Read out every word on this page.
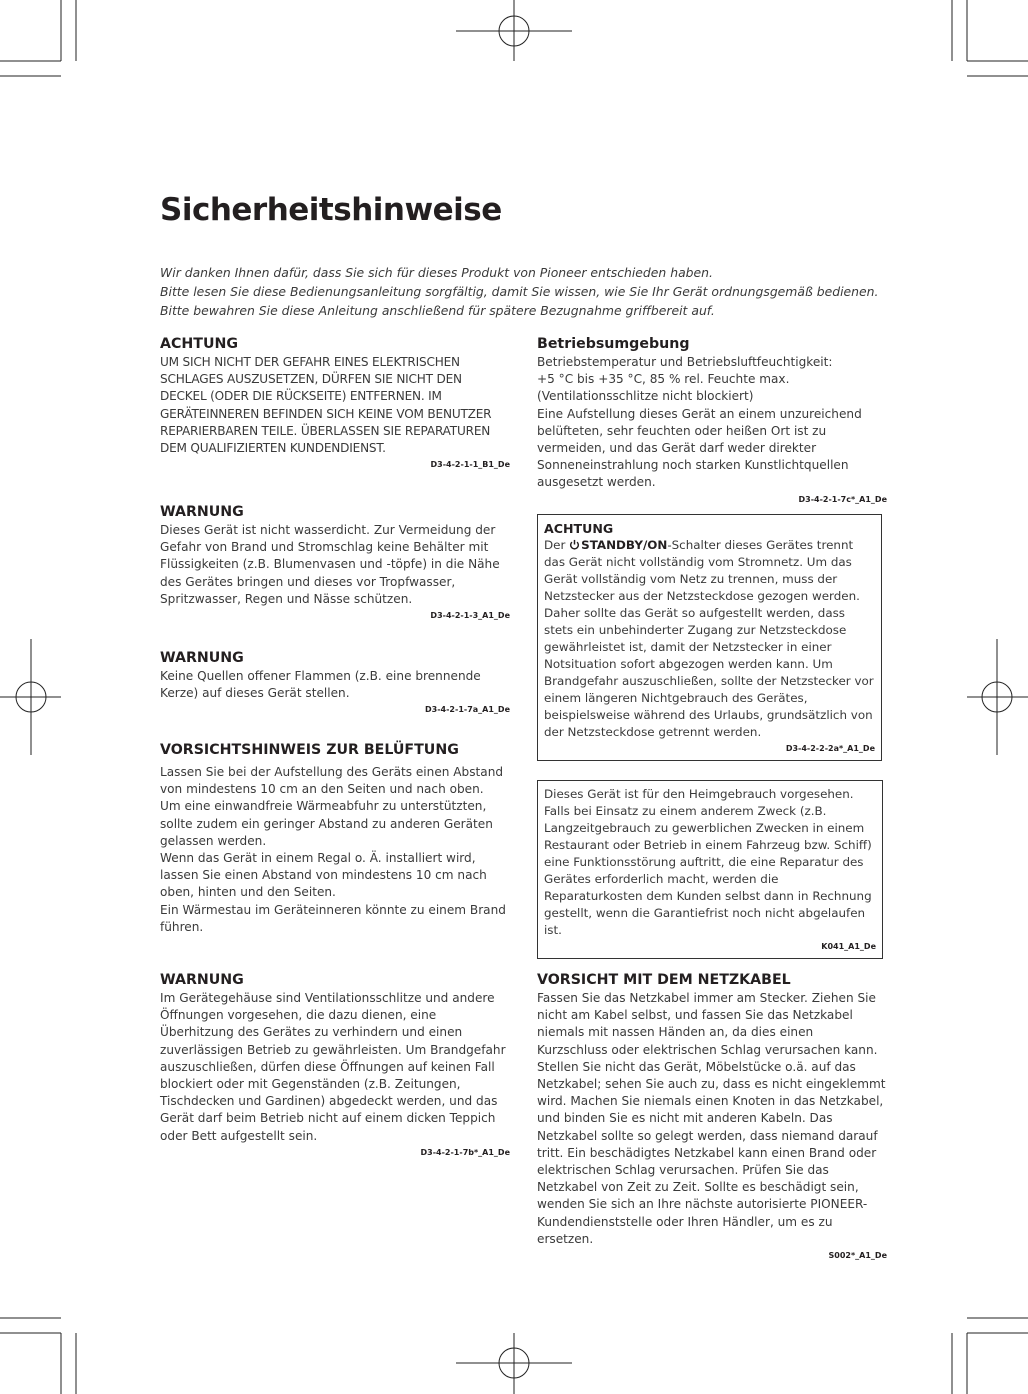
Sicherheitshinweise

Wir danken Ihnen dafür, dass Sie sich für dieses Produkt von Pioneer entschieden haben.

Bitte lesen Sie diese Bedienungsanleitung sorgfältig, damit Sie wissen, wie Sie Ihr Gerät ordnungsgemäß bedienen.

Bitte bewahren Sie diese Anleitung anschließend für spätere Bezugnahme griffbereit auf.

ACHTUNG

UM SICH NICHT DER GEFAHR EINES ELEKTRISCHEN SCHLAGES AUSZUSETZEN, DÜRFEN SIE NICHT DEN DECKEL (ODER DIE RÜCKSEITE) ENTFERNEN. IM GERÄTEINNEREN BEFINDEN SICH KEINE VOM BENUTZER REPARIERBAREN TEILE. ÜBERLASSEN SIE REPARATUREN DEM QUALIFIZIERTEN KUNDENDIENST.

D3-4-2-1-1_B1_De
WARNUNG

Dieses Gerät ist nicht wasserdicht. Zur Vermeidung der Gefahr von Brand und Stromschlag keine Behälter mit Flüssigkeiten (z.B. Blumenvasen und -töpfe) in die Nähe des Gerätes bringen und dieses vor Tropfwasser, Spritzwasser, Regen und Nässe schützen.

D3-4-2-1-3_A1_De
WARNUNG

Keine Quellen offener Flammen (z.B. eine brennende Kerze) auf dieses Gerät stellen.

D3-4-2-1-7a_A1_De
VORSICHTSHINWEIS ZUR BELÜFTUNG

Lassen Sie bei der Aufstellung des Geräts einen Abstand von mindestens 10 cm an den Seiten und nach oben.

Um eine einwandfreie Wärmeabfuhr zu unterstützten, sollte zudem ein geringer Abstand zu anderen Geräten gelassen werden.

Wenn das Gerät in einem Regal o. Ä. installiert wird, lassen Sie einen Abstand von mindestens 10 cm nach oben, hinten und den Seiten.

Ein Wärmestau im Geräteinneren könnte zu einem Brand führen.

WARNUNG

Im Gerätegehäuse sind Ventilationsschlitze und andere Öffnungen vorgesehen, die dazu dienen, eine Überhitzung des Gerätes zu verhindern und einen zuverlässigen Betrieb zu gewährleisten. Um Brandgefahr auszuschließen, dürfen diese Öffnungen auf keinen Fall blockiert oder mit Gegenständen (z.B. Zeitungen, Tischdecken und Gardinen) abgedeckt werden, und das Gerät darf beim Betrieb nicht auf einem dicken Teppich oder Bett aufgestellt sein.

D3-4-2-1-7b*_A1_De
Betriebsumgebung

Betriebstemperatur und Betriebsluftfeuchtigkeit:

+5 °C bis +35 °C, 85 % rel. Feuchte max.

(Ventilationsschlitze nicht blockiert)

Eine Aufstellung dieses Gerät an einem unzureichend belüfteten, sehr feuchten oder heißen Ort ist zu vermeiden, und das Gerät darf weder direkter Sonneneinstrahlung noch starken Kunstlichtquellen ausgesetzt werden.

D3-4-2-1-7c*_A1_De
ACHTUNG

Der STANDBY/ON-Schalter dieses Gerätes trennt das Gerät nicht vollständig vom Stromnetz. Um das Gerät vollständig vom Netz zu trennen, muss der Netzstecker aus der Netzsteckdose gezogen werden. Daher sollte das Gerät so aufgestellt werden, dass stets ein unbehinderter Zugang zur Netzsteckdose gewährleistet ist, damit der Netzstecker in einer Notsituation sofort abgezogen werden kann. Um Brandgefahr auszuschließen, sollte der Netzstecker vor einem längeren Nichtgebrauch des Gerätes, beispielsweise während des Urlaubs, grundsätzlich von der Netzsteckdose getrennt werden.

D3-4-2-2-2a*_A1_De

Dieses Gerät ist für den Heimgebrauch vorgesehen. Falls bei Einsatz zu einem anderem Zweck (z.B. Langzeitgebrauch zu gewerblichen Zwecken in einem Restaurant oder Betrieb in einem Fahrzeug bzw. Schiff) eine Funktionsstörung auftritt, die eine Reparatur des Gerätes erforderlich macht, werden die Reparaturkosten dem Kunden selbst dann in Rechnung gestellt, wenn die Garantiefrist noch nicht abgelaufen ist.

K041_A1_De
VORSICHT MIT DEM NETZKABEL

Fassen Sie das Netzkabel immer am Stecker. Ziehen Sie nicht am Kabel selbst, und fassen Sie das Netzkabel niemals mit nassen Händen an, da dies einen Kurzschluss oder elektrischen Schlag verursachen kann. Stellen Sie nicht das Gerät, Möbelstücke o.ä. auf das Netzkabel; sehen Sie auch zu, dass es nicht eingeklemmt wird. Machen Sie niemals einen Knoten in das Netzkabel, und binden Sie es nicht mit anderen Kabeln. Das Netzkabel sollte so gelegt werden, dass niemand darauf tritt. Ein beschädigtes Netzkabel kann einen Brand oder elektrischen Schlag verursachen. Prüfen Sie das Netzkabel von Zeit zu Zeit. Sollte es beschädigt sein, wenden Sie sich an Ihre nächste autorisierte PIONEER-Kundendienststelle oder Ihren Händler, um es zu ersetzen.

S002*_A1_De
